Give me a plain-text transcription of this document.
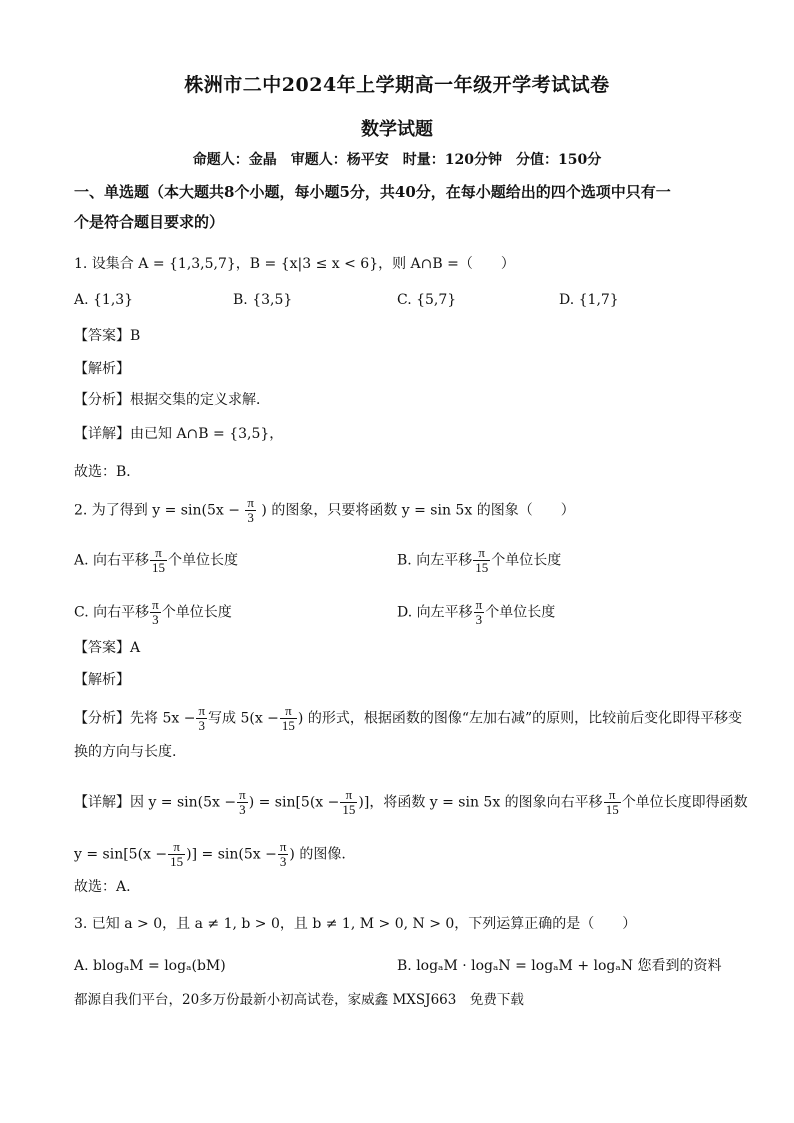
株洲市二中2024年上学期高一年级开学考试试卷
数学试题
命题人：金晶　审题人：杨平安　时量：120分钟　分值：150分
一、单选题（本大题共8个小题，每小题5分，共40分，在每小题给出的四个选项中只有一
个是符合题目要求的）
1. 设集合 A = {1,3,5,7}，B = {x|3 ≤ x < 6}，则 A∩B =（　　）
A. {1,3}	B. {3,5}	C. {5,7}	D. {1,7}
【答案】B
【解析】
【分析】根据交集的定义求解．
【详解】由已知 A∩B = {3,5}，
故选：B．
2. 为了得到 $y = \sin(5x - \frac{\pi}{3}$ ) 的图象，只要将函数 y = sin 5x 的图象（　　）
A. 向右平移 $\frac{\pi}{15}$ 个单位长度	B. 向左平移 $\frac{\pi}{15}$ 个单位长度
C. 向右平移 $\frac{\pi}{3}$ 个单位长度	D. 向左平移 $\frac{\pi}{3}$ 个单位长度
【答案】A
【解析】
【分析】先将 $5x - \frac{\pi}{3}$ 写成 $5(x - \frac{\pi}{15}$ ) 的形式，根据函数的图像“左加右减”的原则，比较前后变化即得平移变
换的方向与长度.
【详解】因 $y = \sin(5x - \frac{\pi}{3}$ ) = $\sin[5(x - \frac{\pi}{15}$ )]，将函数 y = sin 5x 的图象向右平移 $\frac{\pi}{15}$ 个单位长度即得函数
$y = \sin[5(x - \frac{\pi}{15}$ )] = $\sin(5x - \frac{\pi}{3}$ ) 的图像.
故选：A.
3. 已知 a > 0，且 a ≠ 1, b > 0，且 b ≠ 1, M > 0, N > 0，下列运算正确的是（　　）
A. blogₐM = logₐ(bM)	B. logₐM · logₐN = logₐM + logₐN 您看到的资料
都源自我们平台，20多万份最新小初高试卷，家威鑫 MXSJ663　免费下载
